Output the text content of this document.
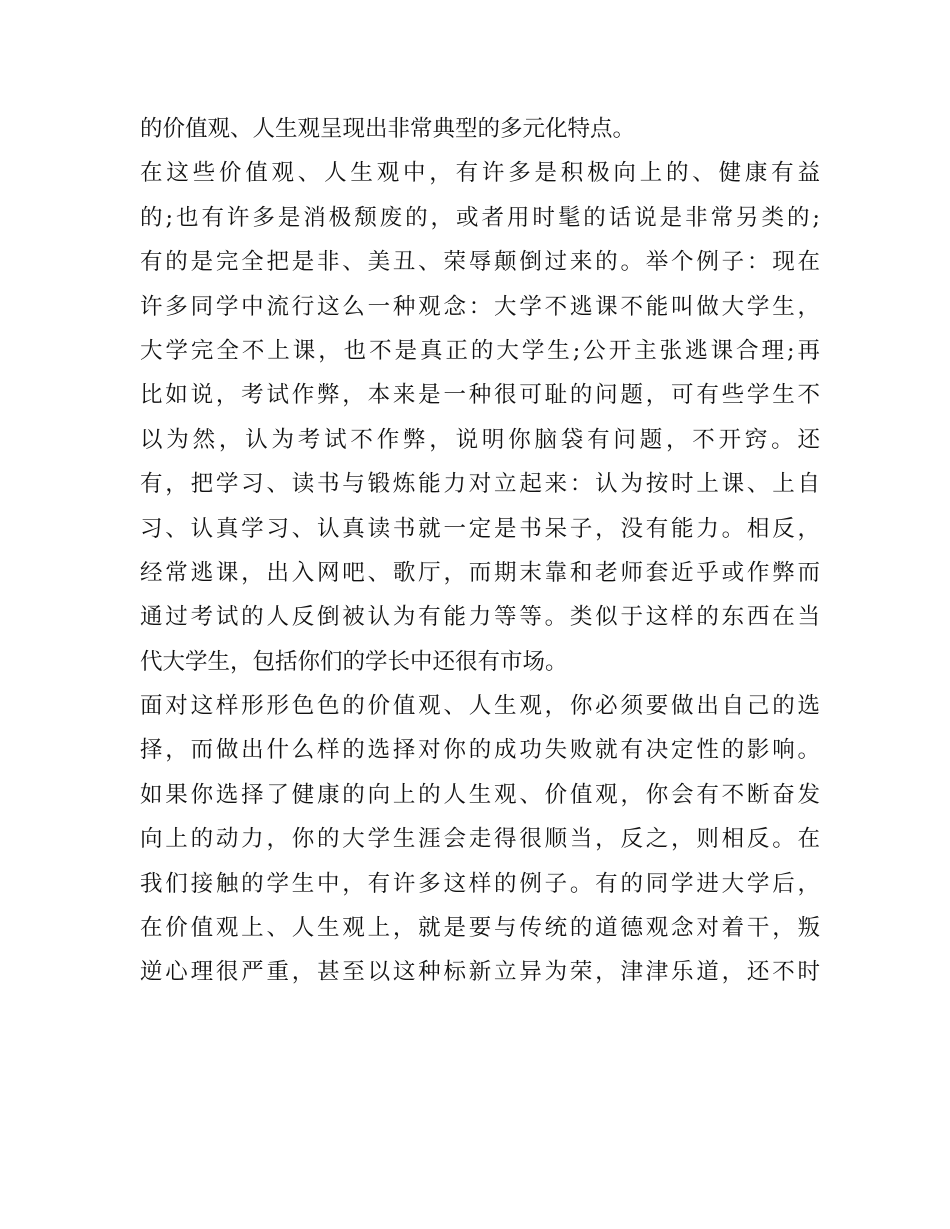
的价值观、人生观呈现出非常典型的多元化特点。
在这些价值观、人生观中，有许多是积极向上的、健康有益
的;也有许多是消极颓废的，或者用时髦的话说是非常另类的;
有的是完全把是非、美丑、荣辱颠倒过来的。举个例子：现在
许多同学中流行这么一种观念：大学不逃课不能叫做大学生，
大学完全不上课，也不是真正的大学生;公开主张逃课合理;再
比如说，考试作弊，本来是一种很可耻的问题，可有些学生不
以为然，认为考试不作弊，说明你脑袋有问题，不开窍。还
有，把学习、读书与锻炼能力对立起来：认为按时上课、上自
习、认真学习、认真读书就一定是书呆子，没有能力。相反，
经常逃课，出入网吧、歌厅，而期末靠和老师套近乎或作弊而
通过考试的人反倒被认为有能力等等。类似于这样的东西在当
代大学生，包括你们的学长中还很有市场。
面对这样形形色色的价值观、人生观，你必须要做出自己的选
择，而做出什么样的选择对你的成功失败就有决定性的影响。
如果你选择了健康的向上的人生观、价值观，你会有不断奋发
向上的动力，你的大学生涯会走得很顺当，反之，则相反。在
我们接触的学生中，有许多这样的例子。有的同学进大学后，
在价值观上、人生观上，就是要与传统的道德观念对着干，叛
逆心理很严重，甚至以这种标新立异为荣，津津乐道，还不时
